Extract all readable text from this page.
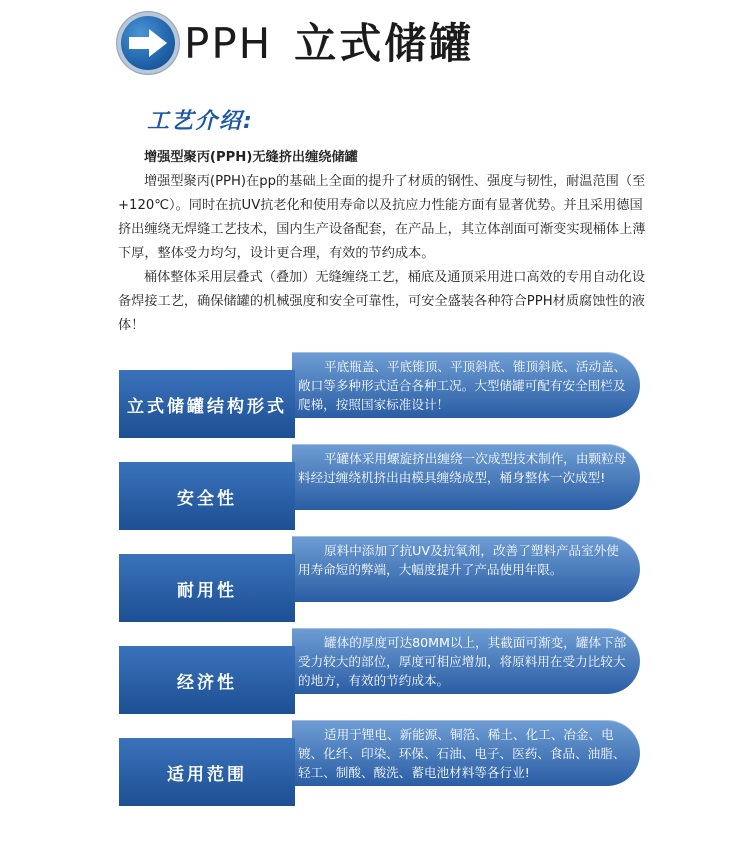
PPH 立式储罐
工艺介绍:
增强型聚丙(PPH)无缝挤出缠绕储罐
增强型聚丙(PPH)在pp的基础上全面的提升了材质的钢性、强度与韧性，耐温范围（至+120℃）。同时在抗UV抗老化和使用寿命以及抗应力性能方面有显著优势。并且采用德国挤出缠绕无焊缝工艺技术，国内生产设备配套，在产品上，其立体剖面可渐变实现桶体上薄下厚，整体受力均匀，设计更合理，有效的节约成本。
桶体整体采用层叠式（叠加）无缝缠绕工艺，桶底及通顶采用进口高效的专用自动化设备焊接工艺，确保储罐的机械强度和安全可靠性，可安全盛装各种符合PPH材质腐蚀性的液体！
平底瓶盖、平底锥顶、平顶斜底、锥顶斜底、活动盖、敞口等多种形式适合各种工况。大型储罐可配有安全围栏及爬梯，按照国家标准设计！
立式储罐结构形式
平罐体采用螺旋挤出缠绕一次成型技术制作，由颗粒母料经过缠绕机挤出由模具缠绕成型，桶身整体一次成型!
安全性
原料中添加了抗UV及抗氧剂，改善了塑料产品室外使用寿命短的弊端，大幅度提升了产品使用年限。
耐用性
罐体的厚度可达80MM以上，其截面可渐变，罐体下部受力较大的部位，厚度可相应增加，将原料用在受力比较大的地方，有效的节约成本。
经济性
适用于锂电、新能源、铜箔、稀土、化工、冶金、电镀、化纤、印染、环保、石油、电子、医药、食品、油脂、轻工、制酸、酸洗、蓄电池材料等各行业!
适用范围
